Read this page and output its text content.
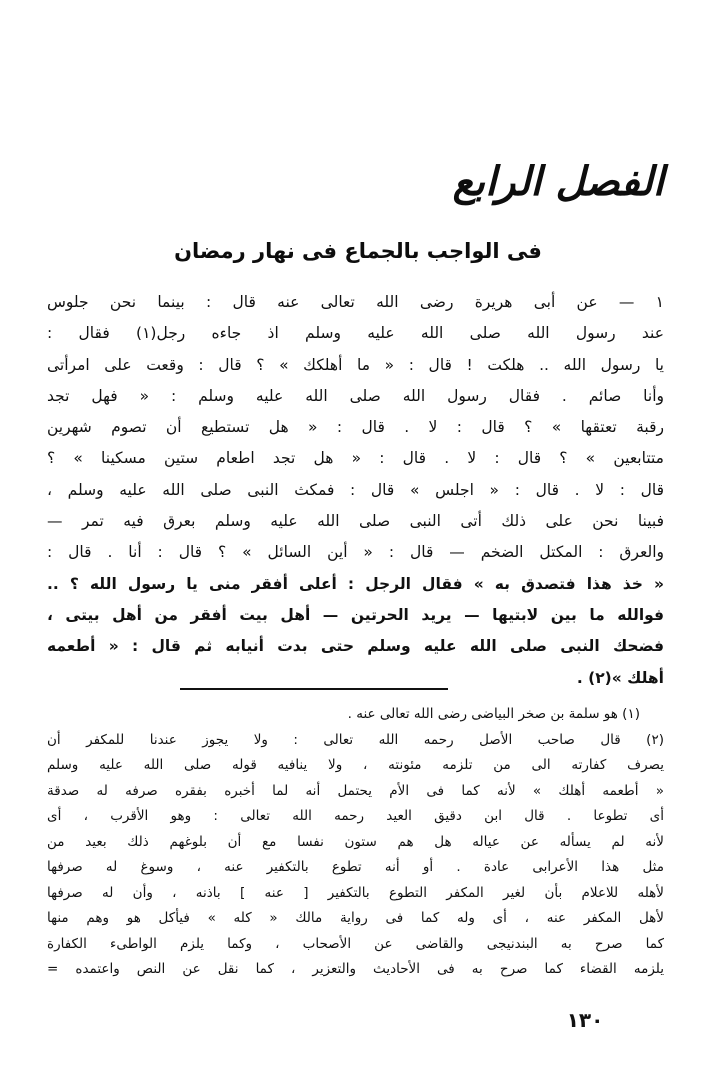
الفصل الرابع
فى الواجب بالجماع فى نهار رمضان
١ — عن أبى هريرة رضى الله تعالى عنه قال : بينما نحن جلوس
عند رسول الله صلى الله عليه وسلم اذ جاءه رجل(١) فقال :
يا رسول الله .. هلكت ! قال : « ما أهلكك » ؟ قال : وقعت على امرأتى
وأنا صائم . فقال رسول الله صلى الله عليه وسلم : « فهل تجد
رقبة تعتقها » ؟ قال : لا . قال : « هل تستطيع أن تصوم شهرين
متتابعين » ؟ قال : لا . قال : « هل تجد اطعام ستين مسكينا » ؟
قال : لا . قال : « اجلس » قال : فمكث النبى صلى الله عليه وسلم ،
فبينا نحن على ذلك أتى النبى صلى الله عليه وسلم بعرق فيه تمر —
والعرق : المكتل الضخم — قال : « أين السائل » ؟ قال : أنا . قال :
« خذ هذا فتصدق به » فقال الرجل : أعلى أفقر منى يا رسول الله ؟ ..
فوالله ما بين لابتيها — يريد الحرتين — أهل بيت أفقر من أهل بيتى ،
فضحك النبى صلى الله عليه وسلم حتى بدت أنيابه ثم قال : « أطعمه
أهلك »(٢) .
(١) هو سلمة بن صخر البياضى رضى الله تعالى عنه .
(٢) قال صاحب الأصل رحمه الله تعالى : ولا يجوز عندنا للمكفر أن
يصرف كفارته الى من تلزمه مئونته ، ولا ينافيه قوله صلى الله عليه وسلم
« أطعمه أهلك » لأنه كما فى الأم يحتمل أنه لما أخبره بفقره صرفه له صدقة
أى تطوعا . قال ابن دقيق العيد رحمه الله تعالى : وهو الأقرب ، أى
لأنه لم يسأله عن عياله هل هم ستون نفسا مع أن بلوغهم ذلك بعيد من
مثل هذا الأعرابى عادة . أو أنه تطوع بالتكفير عنه ، وسوغ له صرفها
لأهله للاعلام بأن لغير المكفر التطوع بالتكفير [ عنه ] باذنه ، وأن له صرفها
لأهل المكفر عنه ، أى وله كما فى رواية مالك « كله » فيأكل هو وهم منها
كما صرح به البندنيجى والقاضى عن الأصحاب ، وكما يلزم الواطىء الكفارة
يلزمه القضاء كما صرح به فى الأحاديث والتعزير ، كما نقل عن النص واعتمده =
١٣٠
